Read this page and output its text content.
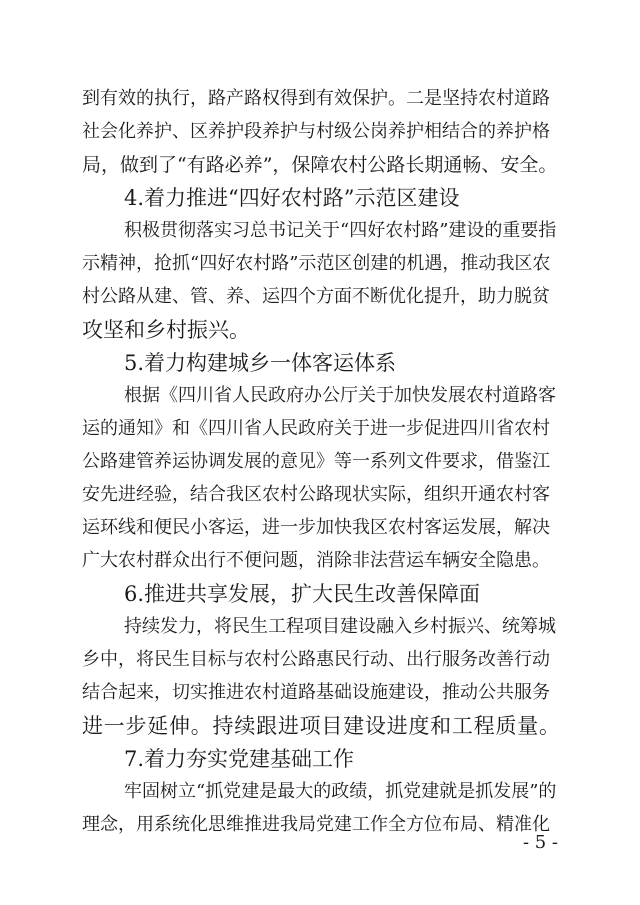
到有效的执行，路产路权得到有效保护。二是坚持农村道路
社会化养护、区养护段养护与村级公岗养护相结合的养护格
局，做到了“有路必养”，保障农村公路长期通畅、安全。
4.着力推进“四好农村路”示范区建设
积极贯彻落实习总书记关于“四好农村路”建设的重要指
示精神，抢抓“四好农村路”示范区创建的机遇，推动我区农
村公路从建、管、养、运四个方面不断优化提升，助力脱贫
攻坚和乡村振兴。
5.着力构建城乡一体客运体系
根据《四川省人民政府办公厅关于加快发展农村道路客
运的通知》和《四川省人民政府关于进一步促进四川省农村
公路建管养运协调发展的意见》等一系列文件要求，借鉴江
安先进经验，结合我区农村公路现状实际，组织开通农村客
运环线和便民小客运，进一步加快我区农村客运发展，解决
广大农村群众出行不便问题，消除非法营运车辆安全隐患。
6.推进共享发展，扩大民生改善保障面
持续发力，将民生工程项目建设融入乡村振兴、统筹城
乡中，将民生目标与农村公路惠民行动、出行服务改善行动
结合起来，切实推进农村道路基础设施建设，推动公共服务
进一步延伸。持续跟进项目建设进度和工程质量。
7.着力夯实党建基础工作
牢固树立“抓党建是最大的政绩，抓党建就是抓发展”的
理念，用系统化思维推进我局党建工作全方位布局、精准化
- 5 -
